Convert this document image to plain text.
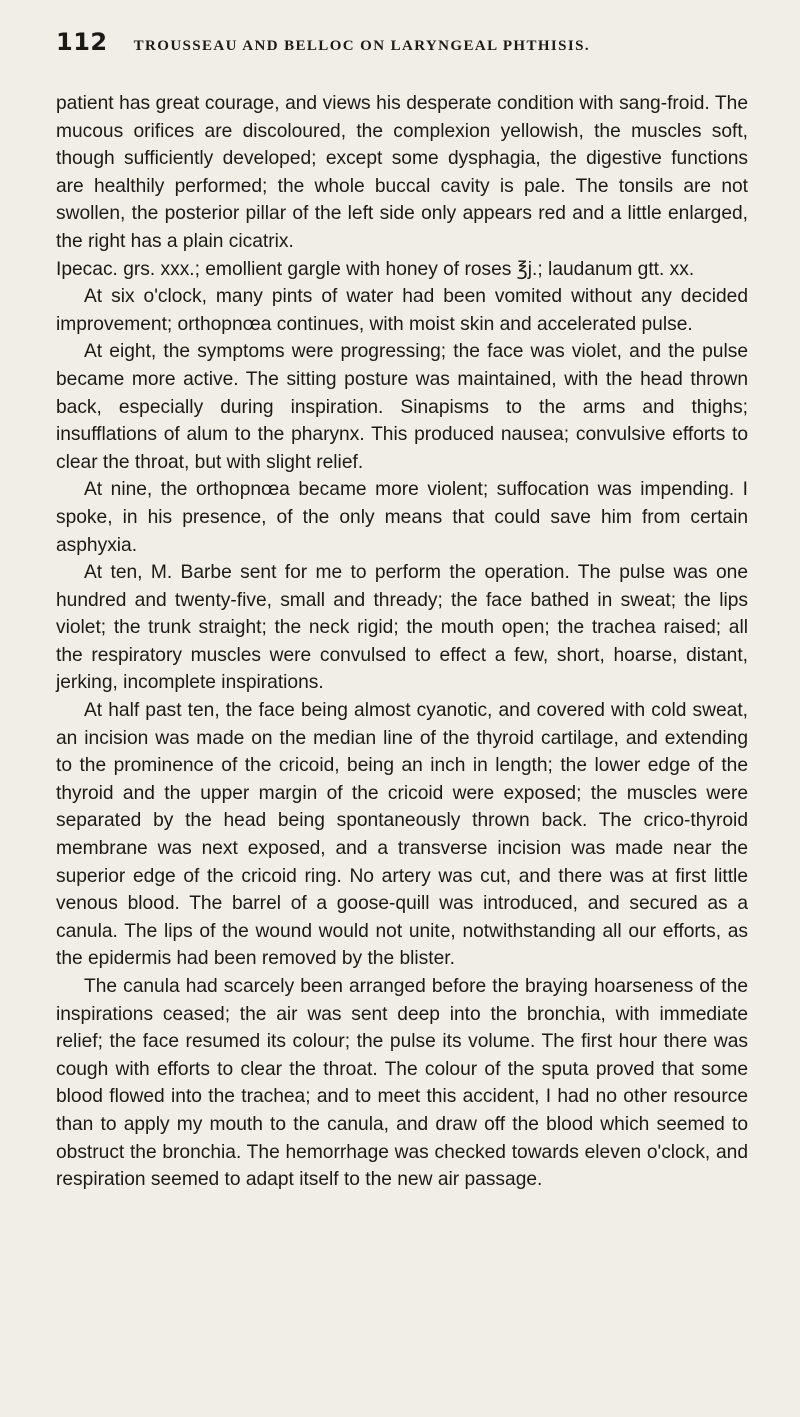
112 TROUSSEAU AND BELLOC ON LARYNGEAL PHTHISIS.

patient has great courage, and views his desperate condition with sang-froid. The mucous orifices are discoloured, the complexion yellowish, the muscles soft, though sufficiently developed; except some dysphagia, the digestive functions are healthily performed; the whole buccal cavity is pale. The tonsils are not swollen, the posterior pillar of the left side only appears red and a little enlarged, the right has a plain cicatrix.

Ipecac. grs. xxx.; emollient gargle with honey of roses ℥j.; laudanum gtt. xx.

At six o'clock, many pints of water had been vomited without any decided improvement; orthopnœa continues, with moist skin and accelerated pulse.

At eight, the symptoms were progressing; the face was violet, and the pulse became more active. The sitting posture was maintained, with the head thrown back, especially during inspiration. Sinapisms to the arms and thighs; insufflations of alum to the pharynx. This produced nausea; convulsive efforts to clear the throat, but with slight relief.

At nine, the orthopnœa became more violent; suffocation was impending. I spoke, in his presence, of the only means that could save him from certain asphyxia.

At ten, M. Barbe sent for me to perform the operation. The pulse was one hundred and twenty-five, small and thready; the face bathed in sweat; the lips violet; the trunk straight; the neck rigid; the mouth open; the trachea raised; all the respiratory muscles were convulsed to effect a few, short, hoarse, distant, jerking, incomplete inspirations.

At half past ten, the face being almost cyanotic, and covered with cold sweat, an incision was made on the median line of the thyroid cartilage, and extending to the prominence of the cricoid, being an inch in length; the lower edge of the thyroid and the upper margin of the cricoid were exposed; the muscles were separated by the head being spontaneously thrown back. The crico-thyroid membrane was next exposed, and a transverse incision was made near the superior edge of the cricoid ring. No artery was cut, and there was at first little venous blood. The barrel of a goose-quill was introduced, and secured as a canula. The lips of the wound would not unite, notwithstanding all our efforts, as the epidermis had been removed by the blister.

The canula had scarcely been arranged before the braying hoarseness of the inspirations ceased; the air was sent deep into the bronchia, with immediate relief; the face resumed its colour; the pulse its volume. The first hour there was cough with efforts to clear the throat. The colour of the sputa proved that some blood flowed into the trachea; and to meet this accident, I had no other resource than to apply my mouth to the canula, and draw off the blood which seemed to obstruct the bronchia. The hemorrhage was checked towards eleven o'clock, and respiration seemed to adapt itself to the new air passage.
